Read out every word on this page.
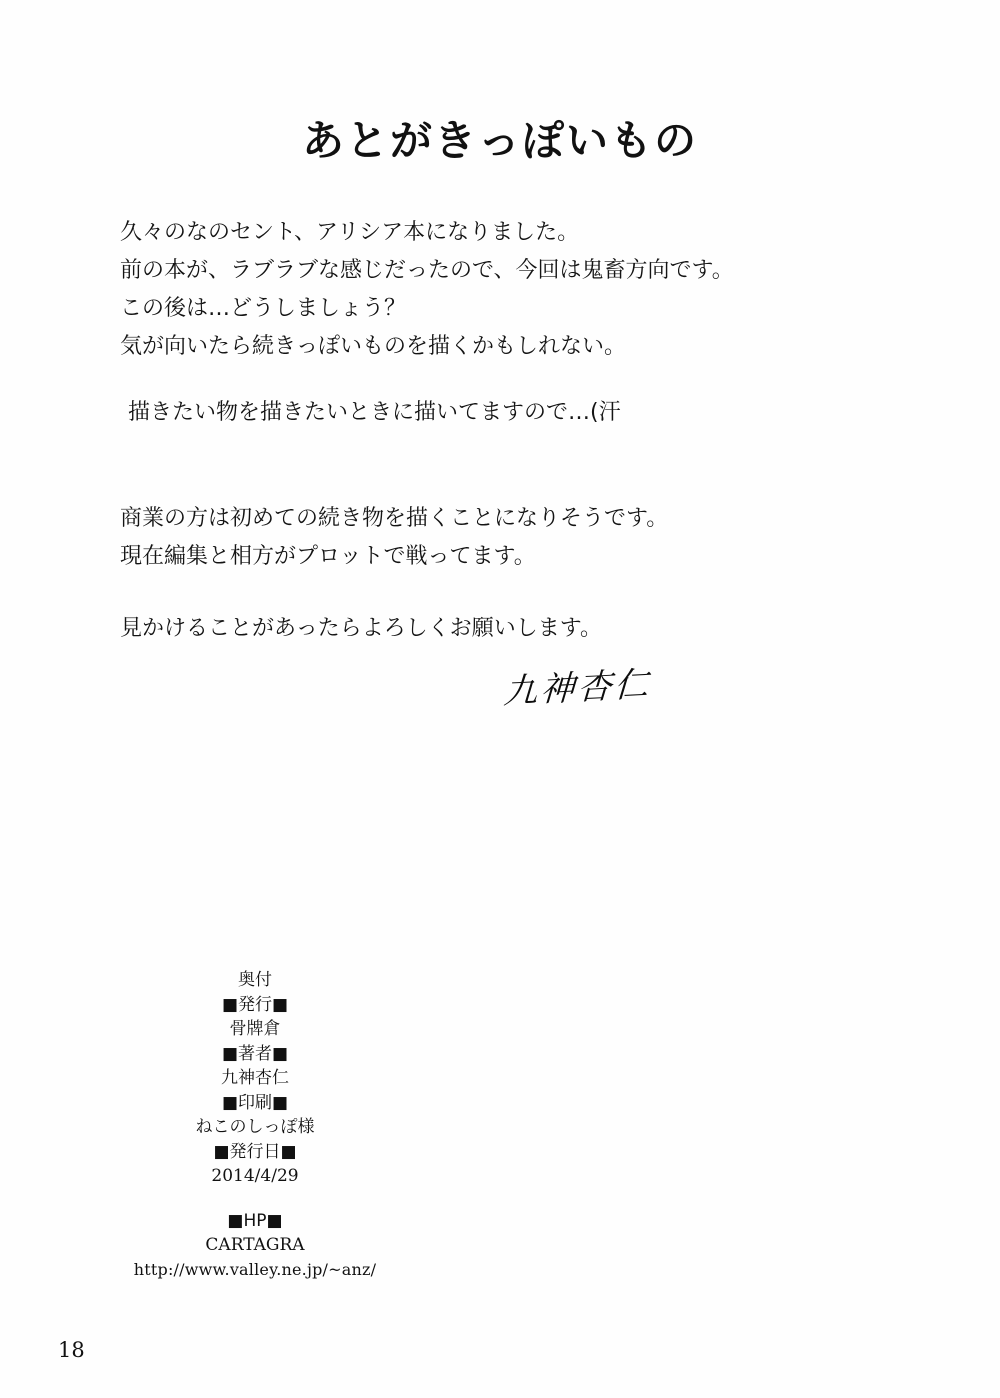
あとがきっぽいもの
久々のなのセント、アリシア本になりました。
前の本が、ラブラブな感じだったので、今回は鬼畜方向です。
この後は…どうしましょう？
気が向いたら続きっぽいものを描くかもしれない。
描きたい物を描きたいときに描いてますので…(汗
商業の方は初めての続き物を描くことになりそうです。
現在編集と相方がプロットで戦ってます。
見かけることがあったらよろしくお願いします。
九神杏仁
奥付
■発行■
骨牌倉
■著者■
九神杏仁
■印刷■
ねこのしっぽ様
■発行日■
2014/4/29
■HP■
CARTAGRA
http://www.valley.ne.jp/~anz/
18
